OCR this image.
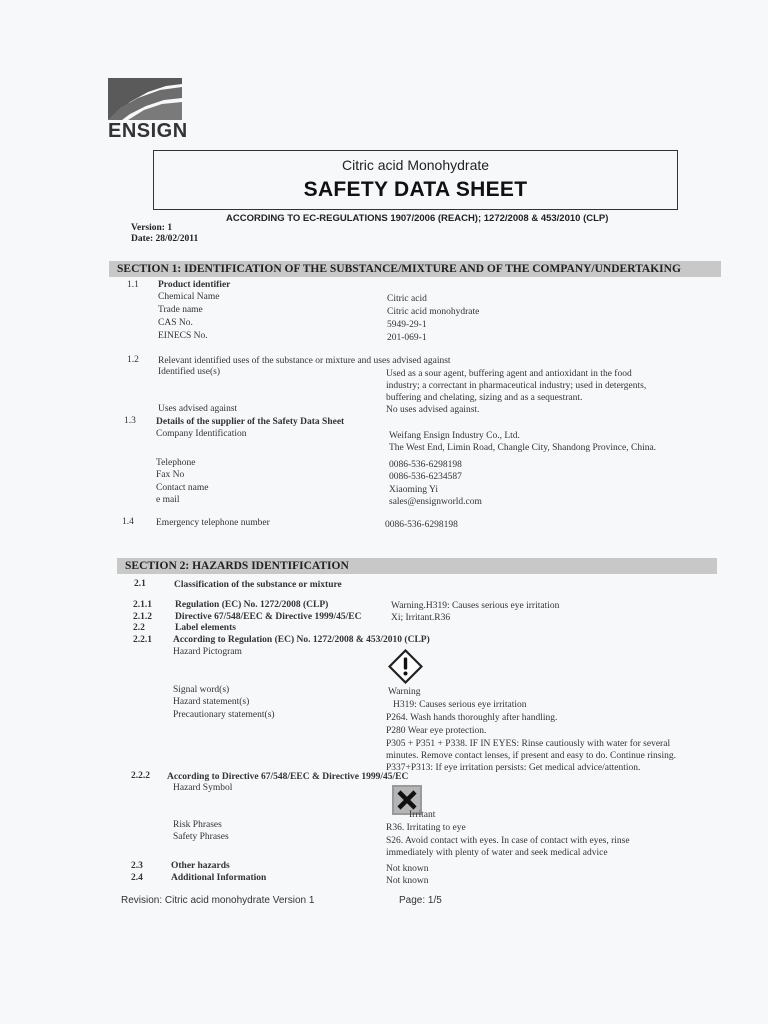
ENSIGN
Citric acid Monohydrate
SAFETY DATA SHEET
ACCORDING TO EC-REGULATIONS 1907/2006 (REACH); 1272/2008 & 453/2010 (CLP)
Version: 1
Date: 28/02/2011
SECTION 1: IDENTIFICATION OF THE SUBSTANCE/MIXTURE AND OF THE COMPANY/UNDERTAKING
1.1 Product identifier
Chemical Name	Citric acid
Trade name	Citric acid monohydrate
CAS No.	5949-29-1
EINECS No.	201-069-1
1.2 Relevant identified uses of the substance or mixture and uses advised against
Identified use(s)	Used as a sour agent, buffering agent and antioxidant in the food
industry; a correctant in pharmaceutical industry; used in detergents,
buffering and chelating, sizing and as a sequestrant.
Uses advised against	No uses advised against.
1.3 Details of the supplier of the Safety Data Sheet
Company Identification	Weifang Ensign Industry Co., Ltd.
The West End, Limin Road, Changle City, Shandong Province, China.
Telephone	0086-536-6298198
Fax No	0086-536-6234587
Contact name	Xiaoming Yi
e mail	sales@ensignworld.com
1.4 Emergency telephone number	0086-536-6298198
SECTION 2: HAZARDS IDENTIFICATION
2.1	Classification of the substance or mixture
2.1.1 Regulation (EC) No. 1272/2008 (CLP)	Warning.H319: Causes serious eye irritation
2.1.2 Directive 67/548/EEC & Directive 1999/45/EC	Xi; Irritant.R36
2.2	Label elements
2.2.1 According to Regulation (EC) No. 1272/2008 & 453/2010 (CLP)
Hazard Pictogram
Signal word(s)	Warning
Hazard statement(s)	H319: Causes serious eye irritation
Precautionary statement(s)	P264. Wash hands thoroughly after handling.
P280 Wear eye protection.
P305 + P351 + P338. IF IN EYES: Rinse cautiously with water for several
minutes. Remove contact lenses, if present and easy to do. Continue rinsing.
P337+P313: If eye irritation persists: Get medical advice/attention.
2.2.2 According to Directive 67/548/EEC & Directive 1999/45/EC
Hazard Symbol
Irritant
Risk Phrases	R36. Irritating to eye
Safety Phrases	S26. Avoid contact with eyes. In case of contact with eyes, rinse
immediately with plenty of water and seek medical advice
2.3	Other hazards	Not known
2.4	Additional Information	Not known
Revision: Citric acid monohydrate Version 1	Page: 1/5
